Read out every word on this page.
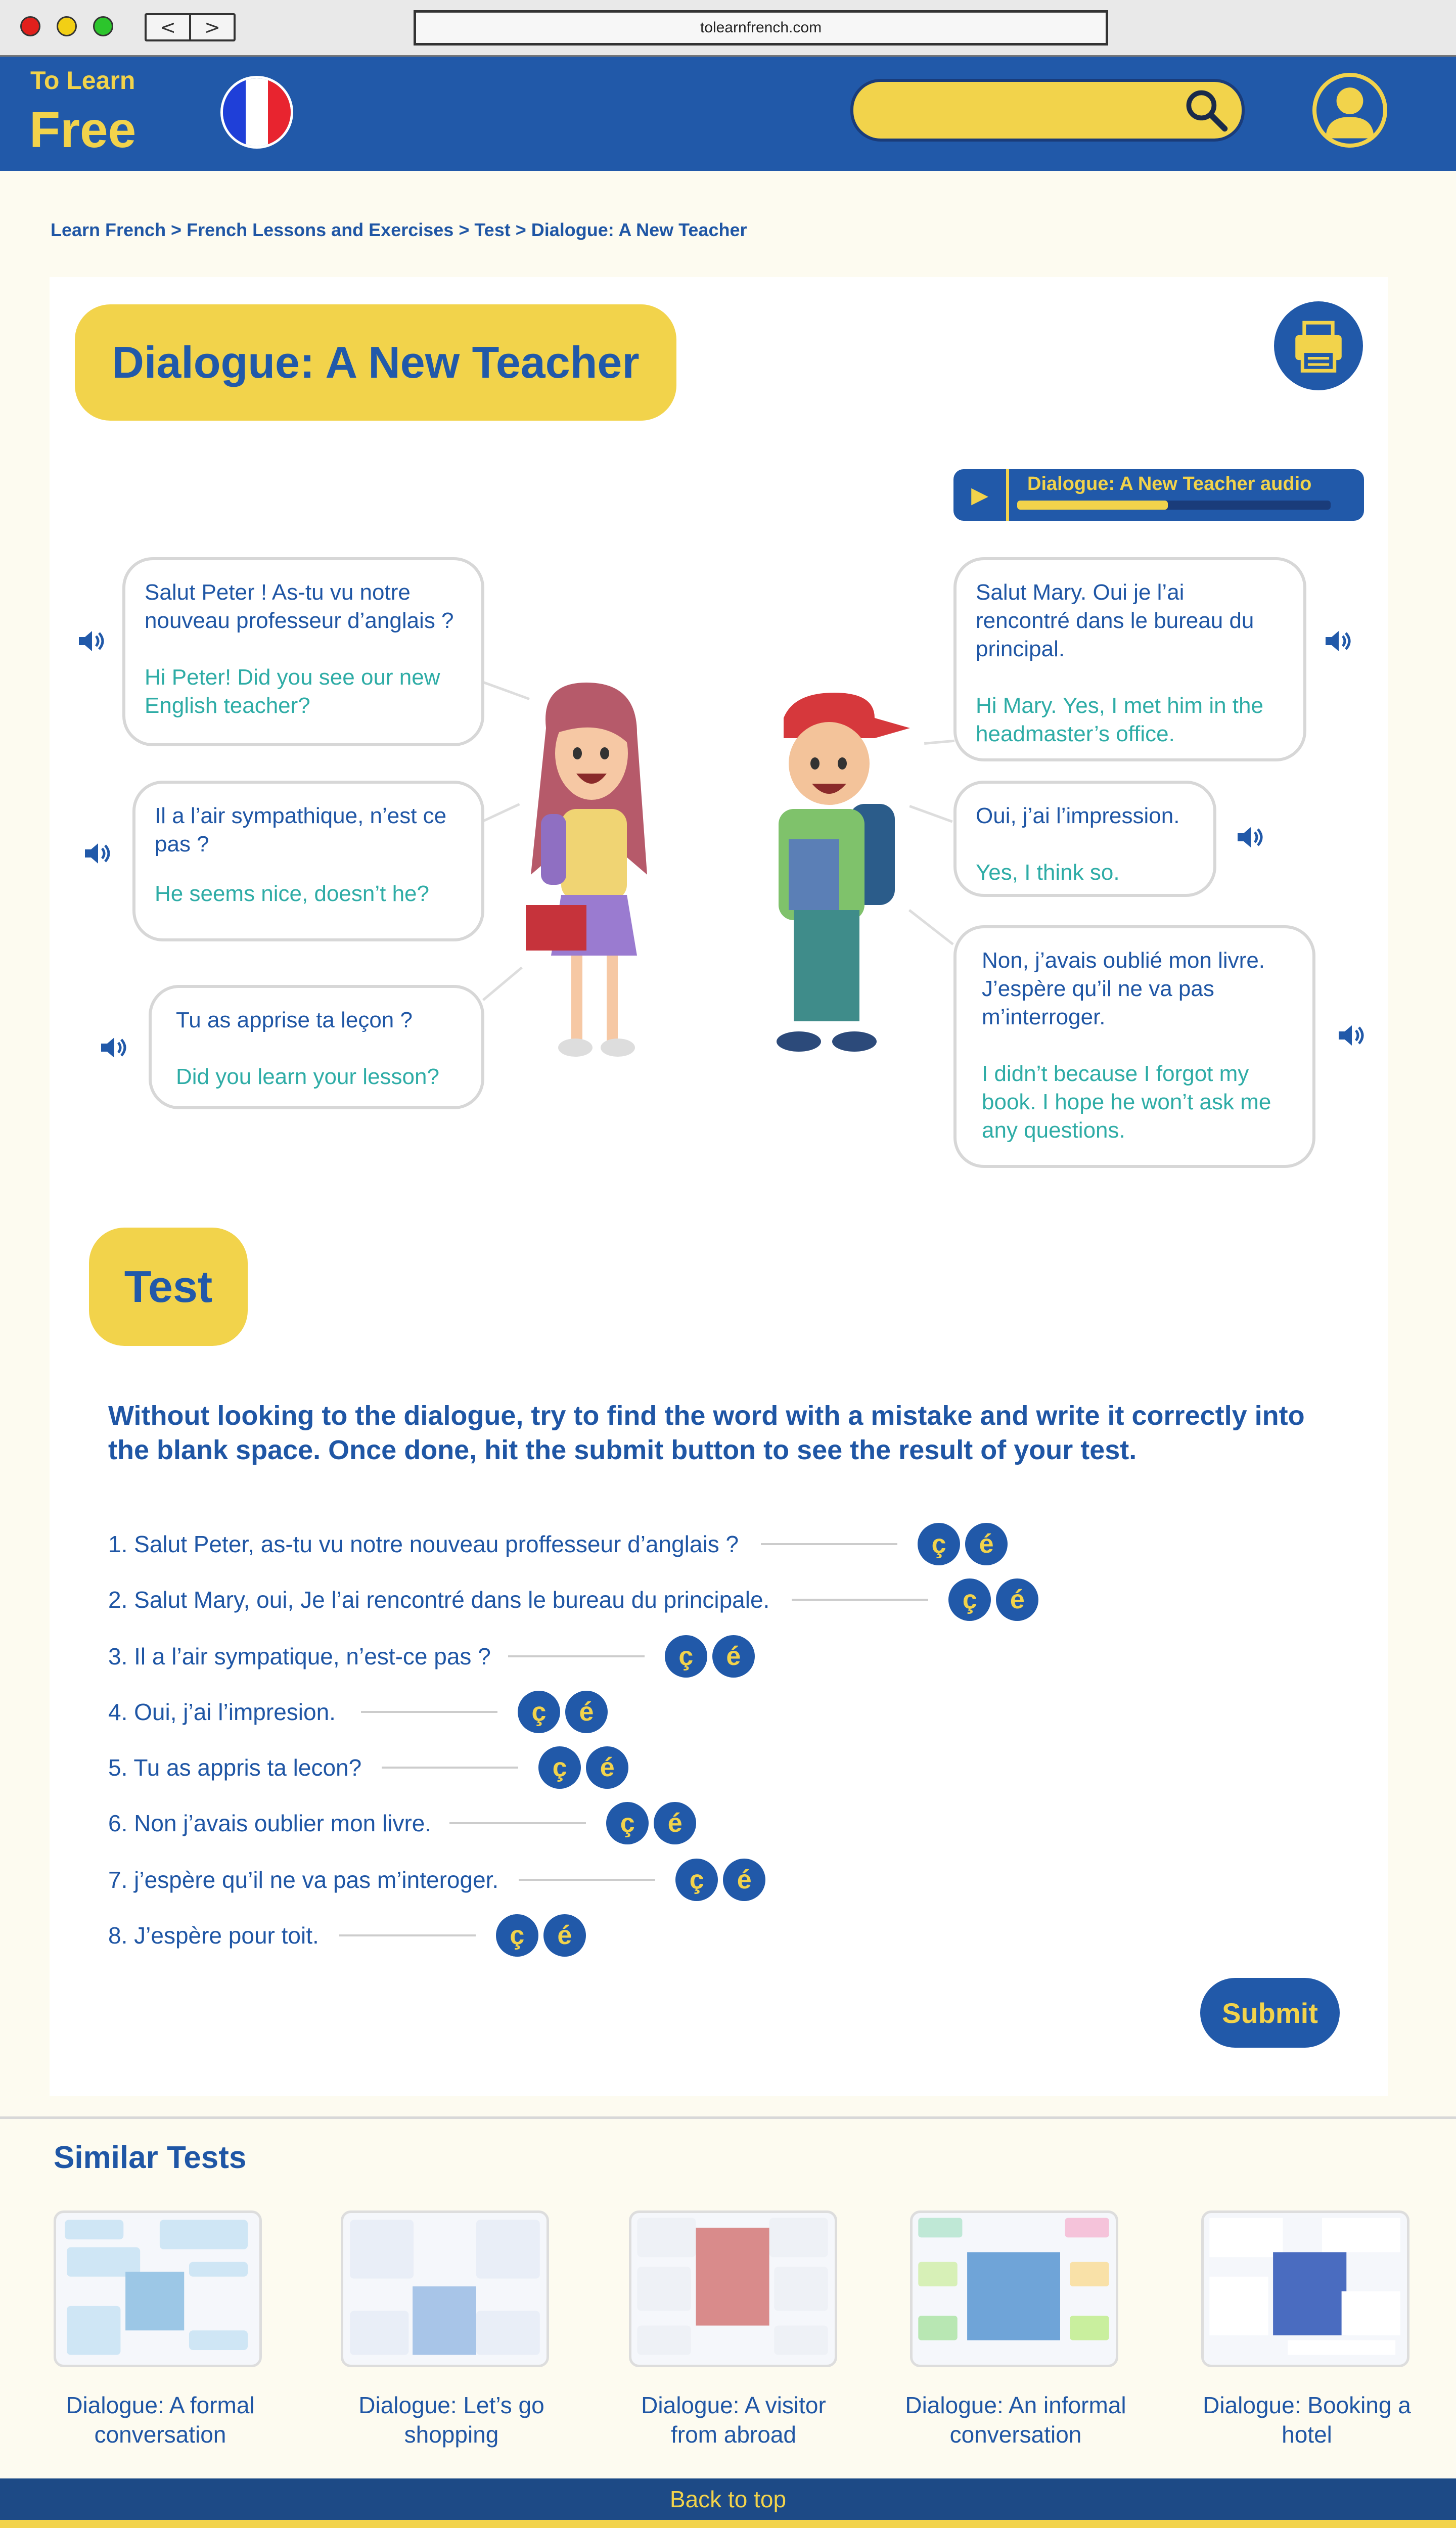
<	>	tolearnfrench.com
To Learn
Free
Learn French > French Lessons and Exercises > Test > Dialogue: A New Teacher
Dialogue: A New Teacher
▶	Dialogue: A New Teacher audio
Salut Peter ! As-tu vu notre nouveau professeur d’anglais ?
Hi Peter! Did you see our new English teacher?
Il a l’air sympathique, n’est ce pas ?
He seems nice, doesn’t he?
Tu as apprise ta leçon ?
Did you learn your lesson?
Salut Mary. Oui je l’ai rencontré dans le bureau du principal.
Hi Mary. Yes, I met him in the headmaster’s office.
Oui, j’ai l’impression.
Yes, I think so.
Non, j’avais oublié mon livre. J’espère qu’il ne va pas m’interroger.
I didn’t because I forgot my book. I hope he won’t ask me any questions.
Test
Without looking to the dialogue, try to find the word with a mistake and write it correctly into the blank space. Once done, hit the submit button to see the result of your test.
1. Salut Peter, as-tu vu notre nouveau proffesseur d’anglais ?	ç	é
2. Salut Mary, oui, Je l’ai rencontré dans le bureau du principale.	ç	é
3. Il a l’air sympatique, n’est-ce pas ?	ç	é
4. Oui, j’ai l’impresion.	ç	é
5. Tu as appris ta lecon?	ç	é
6. Non j’avais oublier mon livre.	ç	é
7. j’espère qu’il ne va pas m’interoger.	ç	é
8. J’espère pour toit.	ç	é
Submit
Similar Tests
Dialogue: A formal conversation
Dialogue: Let’s go shopping
Dialogue: A visitor from abroad
Dialogue: An informal conversation
Dialogue: Booking a hotel
Back to top
